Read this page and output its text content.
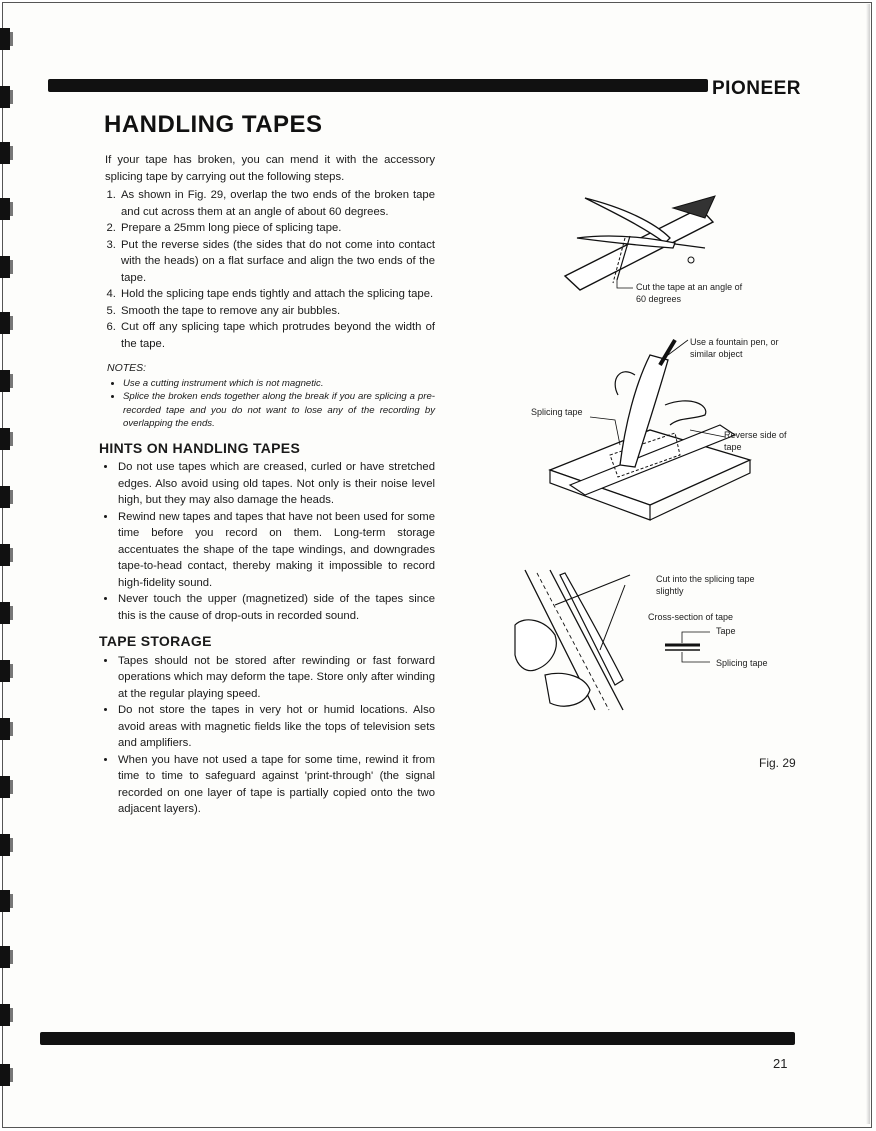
PIONEER
HANDLING TAPES

If your tape has broken, you can mend it with the accessory splicing tape by carrying out the following steps.

1. As shown in Fig. 29, overlap the two ends of the broken tape and cut across them at an angle of about 60 degrees.
2. Prepare a 25mm long piece of splicing tape.
3. Put the reverse sides (the sides that do not come into contact with the heads) on a flat surface and align the two ends of the tape.
4. Hold the splicing tape ends tightly and attach the splicing tape.
5. Smooth the tape to remove any air bubbles.
6. Cut off any splicing tape which protrudes beyond the width of the tape.
NOTES:
• Use a cutting instrument which is not magnetic.
• Splice the broken ends together along the break if you are splicing a pre-recorded tape and you do not want to lose any of the recording by overlapping the ends.
HINTS ON HANDLING TAPES
• Do not use tapes which are creased, curled or have stretched edges. Also avoid using old tapes. Not only is their noise level high, but they may also damage the heads.
• Rewind new tapes and tapes that have not been used for some time before you record on them. Long-term storage accentuates the shape of the tape windings, and downgrades tape-to-head contact, thereby making it impossible to record high-fidelity sound.
• Never touch the upper (magnetized) side of the tapes since this is the cause of drop-outs in recorded sound.
TAPE STORAGE
• Tapes should not be stored after rewinding or fast forward operations which may deform the tape. Store only after winding at the regular playing speed.
• Do not store the tapes in very hot or humid locations. Also avoid areas with magnetic fields like the tops of television sets and amplifiers.
• When you have not used a tape for some time, rewind it from time to time to safeguard against 'print-through' (the signal recorded on one layer of tape is partially copied onto the two adjacent layers).
Cut the tape at an angle of 60 degrees
Use a fountain pen, or similar object
Splicing tape
Reverse side of tape
Cut into the splicing tape slightly
Cross-section of tape
Tape
Splicing tape
Fig. 29
21
